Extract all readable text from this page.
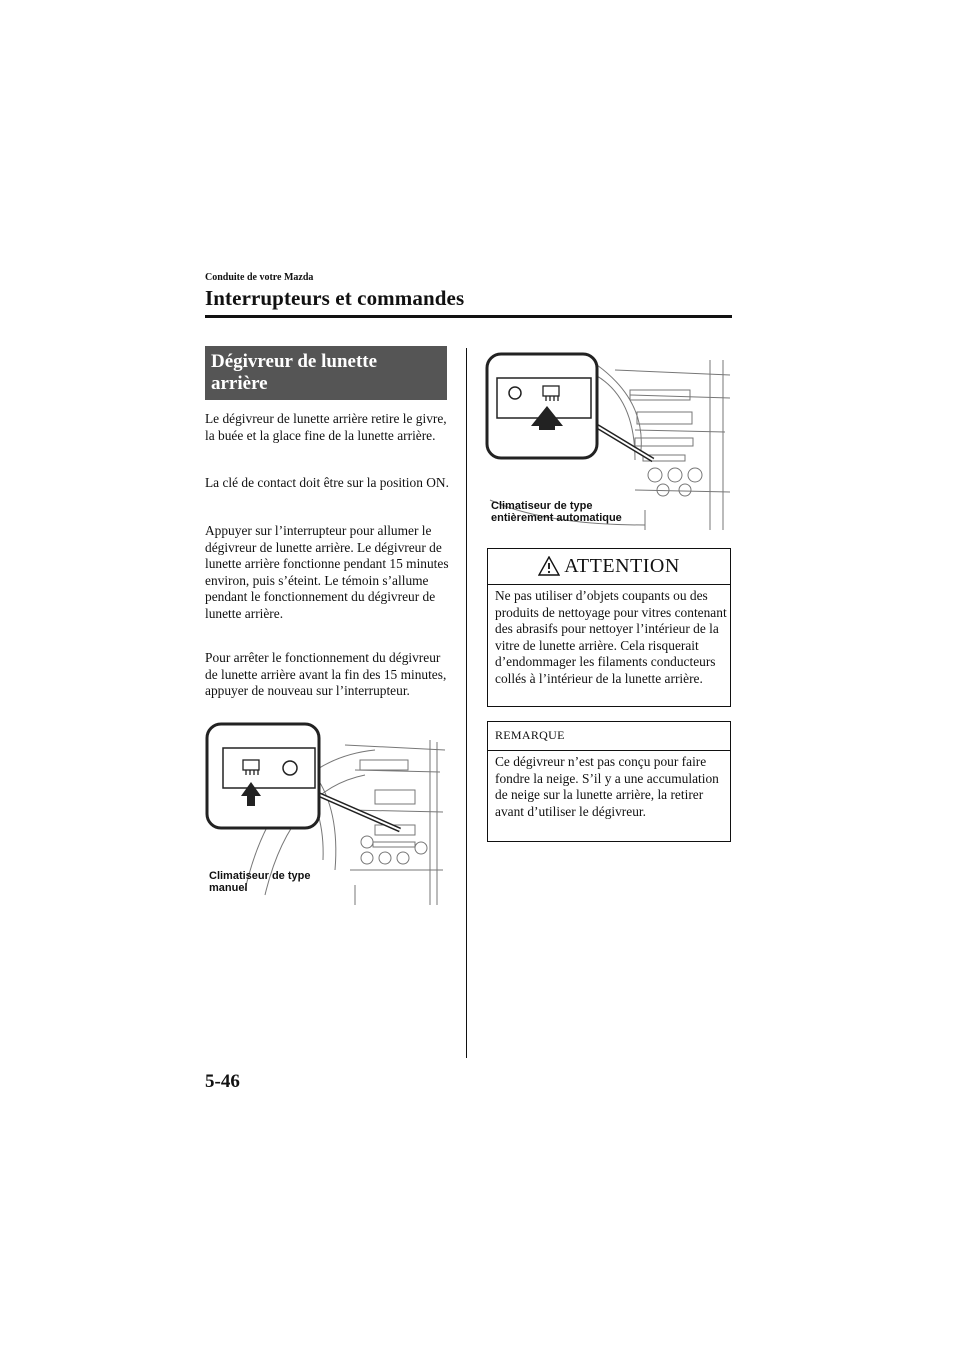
Conduite de votre Mazda
Interrupteurs et commandes
Dégivreur de lunette
arrière

Le dégivreur de lunette arrière retire le givre, la buée et la glace fine de la lunette arrière.

La clé de contact doit être sur la position ON.

Appuyer sur l’interrupteur pour allumer le dégivreur de lunette arrière. Le dégivreur de lunette arrière fonctionne pendant 15 minutes environ, puis s’éteint. Le témoin s’allume pendant le fonctionnement du dégivreur de lunette arrière.

Pour arrêter le fonctionnement du dégivreur de lunette arrière avant la fin des 15 minutes, appuyer de nouveau sur l’interrupteur.

Climatiseur de type
manuel
Climatiseur de type
entièrement automatique
ATTENTION

Ne pas utiliser d’objets coupants ou des produits de nettoyage pour vitres contenant des abrasifs pour nettoyer l’intérieur de la vitre de lunette arrière. Cela risquerait d’endommager les filaments conducteurs collés à l’intérieur de la lunette arrière.

REMARQUE

Ce dégivreur n’est pas conçu pour faire fondre la neige. S’il y a une accumulation de neige sur la lunette arrière, la retirer avant d’utiliser le dégivreur.

5-46
